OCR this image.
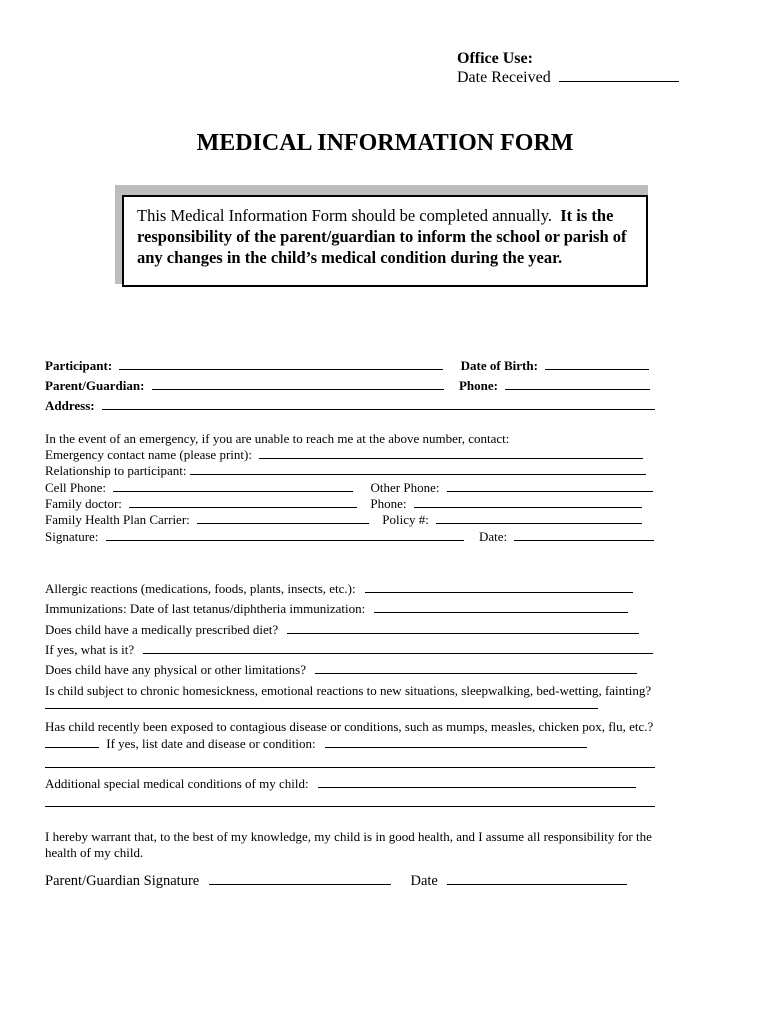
Office Use:
Date Received
MEDICAL INFORMATION FORM
This Medical Information Form should be completed annually. It is the responsibility of the parent/guardian to inform the school or parish of any changes in the child’s medical condition during the year.
Participant:	Date of Birth:
Parent/Guardian:	Phone:
Address:
In the event of an emergency, if you are unable to reach me at the above number, contact:
Emergency contact name (please print):
Relationship to participant:
Cell Phone:	Other Phone:
Family doctor:	Phone:
Family Health Plan Carrier:	Policy #:
Signature:	Date:
Allergic reactions (medications, foods, plants, insects, etc.):
Immunizations: Date of last tetanus/diphtheria immunization:
Does child have a medically prescribed diet?
If yes, what is it?
Does child have any physical or other limitations?
Is child subject to chronic homesickness, emotional reactions to new situations, sleepwalking, bed-wetting, fainting?
Has child recently been exposed to contagious disease or conditions, such as mumps, measles, chicken pox, flu, etc.?
If yes, list date and disease or condition:
Additional special medical conditions of my child:
I hereby warrant that, to the best of my knowledge, my child is in good health, and I assume all responsibility for the
health of my child.
Parent/Guardian Signature	Date
